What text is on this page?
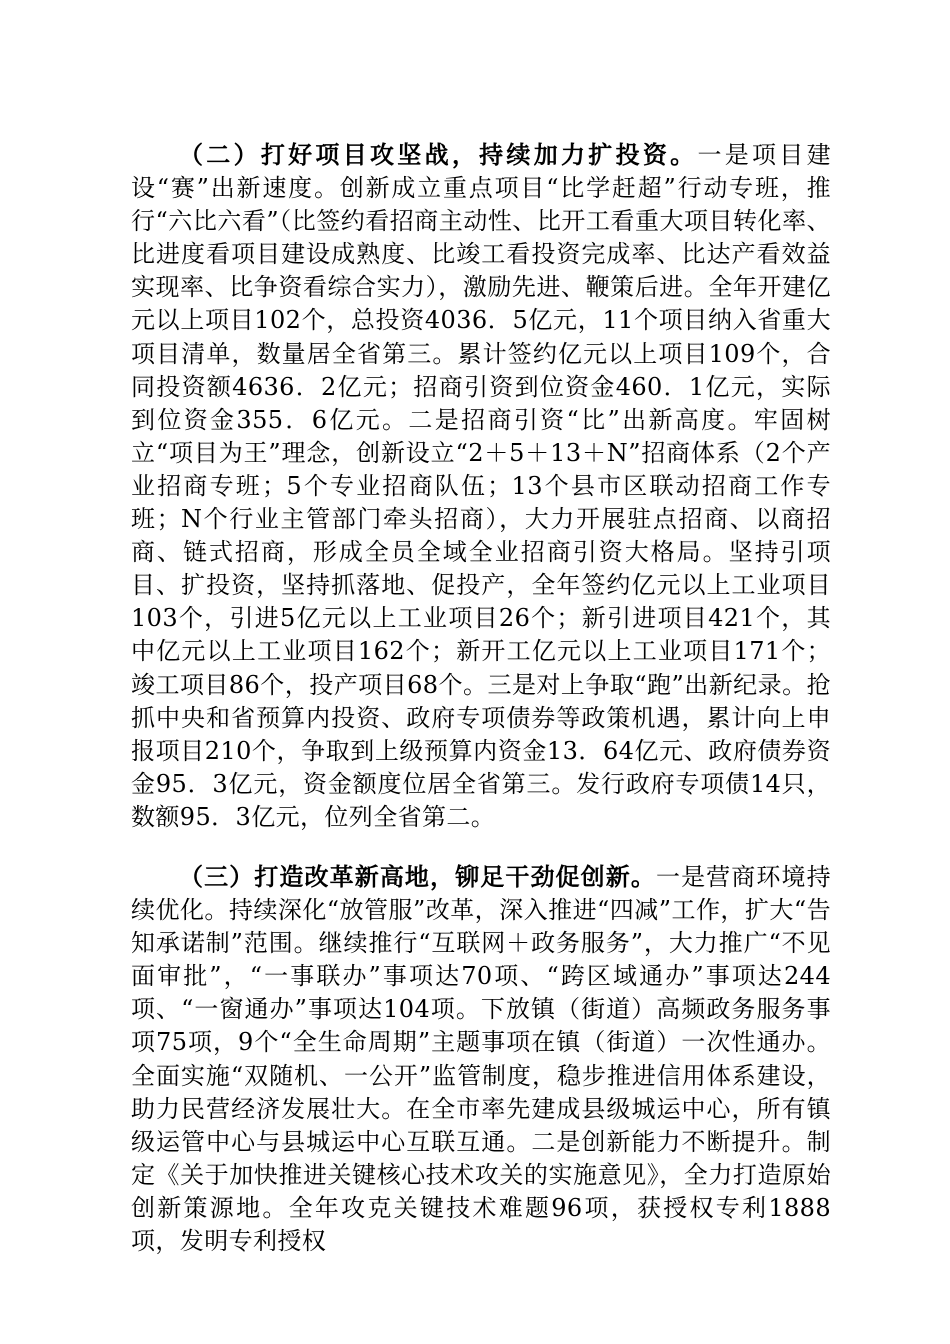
（二）打好项目攻坚战，持续加力扩投资。一是项目建设“赛”出新速度。创新成立重点项目“比学赶超”行动专班，推行“六比六看”（比签约看招商主动性、比开工看重大项目转化率、比进度看项目建设成熟度、比竣工看投资完成率、比达产看效益实现率、比争资看综合实力），激励先进、鞭策后进。全年开建亿元以上项目102个，总投资4036．5亿元，11个项目纳入省重大项目清单，数量居全省第三。累计签约亿元以上项目109个，合同投资额4636．2亿元；招商引资到位资金460．1亿元，实际到位资金355．6亿元。二是招商引资“比”出新高度。牢固树立“项目为王”理念，创新设立“2＋5＋13＋N”招商体系（2个产业招商专班；5个专业招商队伍；13个县市区联动招商工作专班；N个行业主管部门牵头招商），大力开展驻点招商、以商招商、链式招商，形成全员全域全业招商引资大格局。坚持引项目、扩投资，坚持抓落地、促投产，全年签约亿元以上工业项目103个，引进5亿元以上工业项目26个；新引进项目421个，其中亿元以上工业项目162个；新开工亿元以上工业项目171个；竣工项目86个，投产项目68个。三是对上争取“跑”出新纪录。抢抓中央和省预算内投资、政府专项债券等政策机遇，累计向上申报项目210个，争取到上级预算内资金13．64亿元、政府债券资金95．3亿元，资金额度位居全省第三。发行政府专项债14只，数额95．3亿元，位列全省第二。

（三）打造改革新高地，铆足干劲促创新。一是营商环境持续优化。持续深化“放管服”改革，深入推进“四减”工作，扩大“告知承诺制”范围。继续推行“互联网＋政务服务”，大力推广“不见面审批”，“一事联办”事项达70项、“跨区域通办”事项达244项、“一窗通办”事项达104项。下放镇（街道）高频政务服务事项75项，9个“全生命周期”主题事项在镇（街道）一次性通办。全面实施“双随机、一公开”监管制度，稳步推进信用体系建设，助力民营经济发展壮大。在全市率先建成县级城运中心，所有镇级运管中心与县城运中心互联互通。二是创新能力不断提升。制定《关于加快推进关键核心技术攻关的实施意见》，全力打造原始创新策源地。全年攻克关键技术难题96项，获授权专利1888项，发明专利授权
